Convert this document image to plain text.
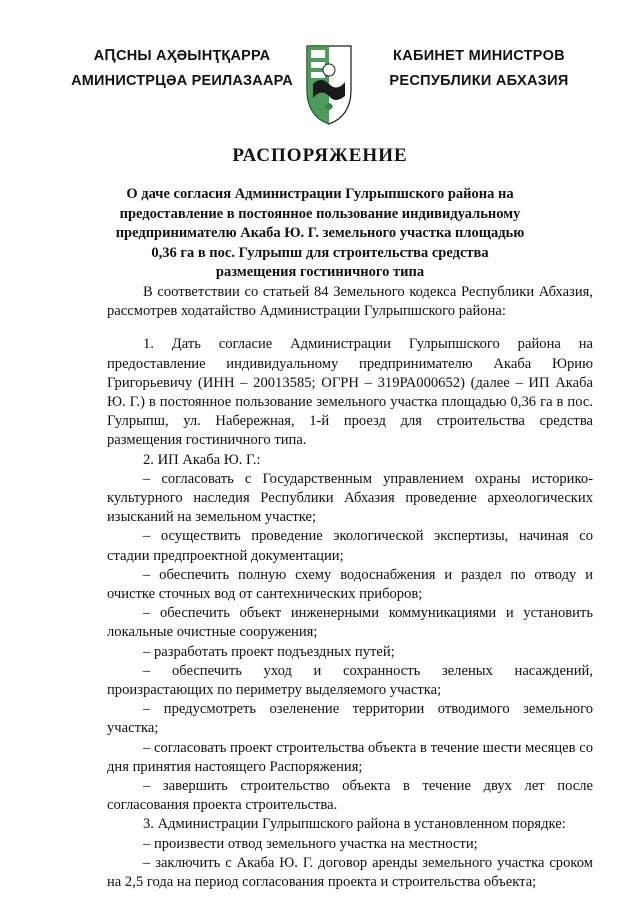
АԤСНЫ АҲӘЫНҬҚАРРА
АМИНИСТРЦӘА РЕИЛАЗААРА
КАБИНЕТ МИНИСТРОВ
РЕСПУБЛИКИ АБХАЗИЯ
РАСПОРЯЖЕНИЕ
О даче согласия Администрации Гулрыпшского района на
предоставление в постоянное пользование индивидуальному
предпринимателю Акаба Ю. Г. земельного участка площадью
0,36 га в пос. Гулрыпш для строительства средства
размещения гостиничного типа

В соответствии со статьей 84 Земельного кодекса Республики Абхазия, рассмотрев ходатайство Администрации Гулрыпшского района:

1. Дать согласие Администрации Гулрыпшского района на предоставление индивидуальному предпринимателю Акаба Юрию Григорьевичу (ИНН – 20013585; ОГРН – 319РА000652) (далее – ИП Акаба Ю. Г.) в постоянное пользование земельного участка площадью 0,36 га в пос. Гулрыпш, ул. Набережная, 1-й проезд для строительства средства размещения гостиничного типа.

2. ИП Акаба Ю. Г.:

– согласовать с Государственным управлением охраны историко-культурного наследия Республики Абхазия проведение археологических изысканий на земельном участке;

– осуществить проведение экологической экспертизы, начиная со стадии предпроектной документации;

– обеспечить полную схему водоснабжения и раздел по отводу и очистке сточных вод от сантехнических приборов;

– обеспечить объект инженерными коммуникациями и установить локальные очистные сооружения;

– разработать проект подъездных путей;

– обеспечить уход и сохранность зеленых насаждений, произрастающих по периметру выделяемого участка;

– предусмотреть озеленение территории отводимого земельного участка;

– согласовать проект строительства объекта в течение шести месяцев со дня принятия настоящего Распоряжения;

– завершить строительство объекта в течение двух лет после согласования проекта строительства.

3. Администрации Гулрыпшского района в установленном порядке:

– произвести отвод земельного участка на местности;

– заключить с Акаба Ю. Г. договор аренды земельного участка сроком на 2,5 года на период согласования проекта и строительства объекта;
